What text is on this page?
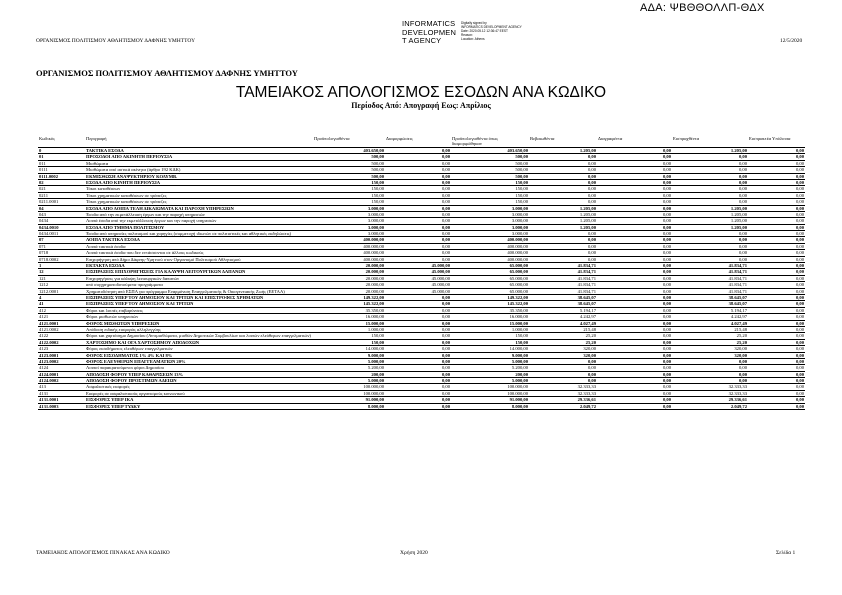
ΑΔΑ: ΨΒΘΘΟΛΛΠ-ΘΔΧ
ΟΡΓΑΝΙΣΜΟΣ ΠΟΛΙΤΙΣΜΟΥ ΑΘΛΗΤΙΣΜΟΥ ΔΑΦΝΗΣ ΥΜΗΤΤΟΥ	12/5/2020
INFORMATICS
DEVELOPMEN
T AGENCY
Digitally signed by
INFORMATICS DEVELOPMENT AGENCY
Date: 2020.05.12 12:36:47 EEST
Reason:
Location: Athens
ΟΡΓΑΝΙΣΜΟΣ ΠΟΛΙΤΙΣΜΟΥ ΑΘΛΗΤΙΣΜΟΥ ΔΑΦΝΗΣ ΥΜΗΤΤΟΥ
ΤΑΜΕΙΑΚΟΣ ΑΠΟΛΟΓΙΣΜΟΣ ΕΣΟΔΩΝ ΑΝΑ ΚΩΔΙΚΟ
Περίοδος Από: Απογραφή Εως: Απρίλιος
Κωδικός	Περιγραφή	Προϋπολογισθέντα	Διαμορφώσεις	Προϋπολογισθέντα όπως διαμορφώθηκαν	Βεβαιωθέντα	Διαγραφέντα	Εισπραχθέντα	Εισπρακτέα Υπόλοιπα
0	ΤΑΚΤΙΚΑ ΕΣΟΔΑ	403.650,00	0,00	403.650,00	1.205,00	0,00	1.205,00	0,00
01	ΠΡΟΣΟΔΟΙ ΑΠΟ ΑΚΙΝΗΤΗ ΠΕΡΙΟΥΣΙΑ	500,00	0,00	500,00	0,00	0,00	0,00	0,00
011	Μισθώματα	500,00	0,00	500,00	0,00	0,00	0,00	0,00
0111	Μισθώματα από αστικά ακίνητα (άρθρο 192 ΚΔΚ)	500,00	0,00	500,00	0,00	0,00	0,00	0,00
0111.0002	ΕΚΜΙΣΘΩΣΗ ΑΝΑΨΥΚΤΗΡΙΟΥ ΚΟΛΥΜΒ.	500,00	0,00	500,00	0,00	0,00	0,00	0,00
02	ΕΣΟΔΑ ΑΠΟ ΚΙΝΗΤΗ ΠΕΡΙΟΥΣΙΑ	150,00	0,00	150,00	0,00	0,00	0,00	0,00
021	Τόκοι καταθέσεων	150,00	0,00	150,00	0,00	0,00	0,00	0,00
0211	Τόκοι χρηματικών καταθέσεων σε τράπεζες	150,00	0,00	150,00	0,00	0,00	0,00	0,00
0211.0001	Τόκοι χρηματικών καταθέσεων σε τράπεζες	150,00	0,00	150,00	0,00	0,00	0,00	0,00
04	ΕΣΟΔΑ ΑΠΟ ΛΟΙΠΑ ΤΕΛΗ ΔΙΚΑΙΩΜΑΤΑ ΚΑΙ ΠΑΡΟΧΗ ΥΠΗΡΕΣΙΩΝ	3.000,00	0,00	3.000,00	1.205,00	0,00	1.205,00	0,00
043	Έσοδα από την εκμετάλλευση έργων και την παροχή υπηρεσιών	3.000,00	0,00	3.000,00	1.205,00	0,00	1.205,00	0,00
0434	Λοιπά έσοδα από την εκμετάλλευση έργων και την παροχή υπηρεσιών	3.000,00	0,00	3.000,00	1.205,00	0,00	1.205,00	0,00
0434.0010	ΕΣΟΔΑ ΑΠΟ ΤΜΗΜΑ ΠΟΛΙΤΙΣΜΟΥ	3.000,00	0,00	3.000,00	1.205,00	0,00	1.205,00	0,00
0434.0011	Έσοδα από υπηρεσίες πολιτισμού και χορηγίες (συμμετοχή ιδιωτών σε πολιτιστικές και αθλητικές εκδηλώσεις)	3.000,00	0,00	3.000,00	0,00	0,00	0,00	0,00
07	ΛΟΙΠΑ ΤΑΚΤΙΚΑ ΕΣΟΔΑ	400.000,00	0,00	400.000,00	0,00	0,00	0,00	0,00
071	Λοιπά τακτικά έσοδα	400.000,00	0,00	400.000,00	0,00	0,00	0,00	0,00
0718	Λοιπά τακτικά έσοδα που δεν εντάσσονται σε άλλους κωδικούς	400.000,00	0,00	400.000,00	0,00	0,00	0,00	0,00
0718.0002	Επιχορήγηση από Δήμο Δάφνης-Υμηττού στον Οργανισμό Πολιτισμού Αθλητισμού	400.000,00	0,00	400.000,00	0,00	0,00	0,00	0,00
1	ΕΚΤΑΚΤΑ ΕΣΟΔΑ	20.000,00	45.000,00	65.000,00	41.834,71	0,00	41.834,71	0,00
12	ΕΙΣΠΡΑΞΕΙΣ ΕΠΙΧΟΡΗΓΗΣΕΙΣ ΓΙΑ ΚΑΛΥΨΗ ΛΕΙΤΟΥΡΓΙΚΩΝ ΔΑΠΑΝΩΝ	20.000,00	45.000,00	65.000,00	41.834,71	0,00	41.834,71	0,00
121	Επιχορηγήσεις για κάλυψη λειτουργικών δαπανών	20.000,00	45.000,00	65.000,00	41.834,71	0,00	41.834,71	0,00
1212	από συγχρηματοδοτούμενα προγράμματα	20.000,00	45.000,00	65.000,00	41.834,71	0,00	41.834,71	0,00
1212.0001	Χρηματοδότηση από ΕΣΠΑ για πρόγραμμα Εναρμόνιση Επαγγελματικής & Οικογενειακής Ζωής (ΕΕΤΑΑ)	20.000,00	45.000,00	65.000,00	41.834,71	0,00	41.834,71	0,00
4	ΕΙΣΠΡΑΞΕΙΣ ΥΠΕΡ ΤΟΥ ΔΗΜΟΣΙΟΥ ΚΑΙ ΤΡΙΤΩΝ ΚΑΙ ΕΠΙΣΤΡΟΦΕΣ ΧΡΗΜΑΤΩΝ	149.322,00	0,00	149.322,00	38.645,07	0,00	38.645,07	0,00
41	ΕΙΣΠΡΑΞΕΙΣ ΥΠΕΡ ΤΟΥ ΔΗΜΟΣΙΟΥ ΚΑΙ ΤΡΙΤΩΝ	145.322,00	0,00	145.322,00	38.645,07	0,00	38.645,07	0,00
412	Φόροι και λοιπές επιβαρύνσεις	35.350,00	0,00	35.350,00	5.194,17	0,00	5.194,17	0,00
4121	Φόροι μισθωτών υπηρεσιών	16.000,00	0,00	16.000,00	4.242,97	0,00	4.242,97	0,00
4121.0001	ΦΟΡΟΣ ΜΙΣΘΩΤΩΝ ΥΠΗΡΕΣΙΩΝ	15.000,00	0,00	15.000,00	4.027,49	0,00	4.027,49	0,00
4121.0002	Απόδοση ειδικής εισφοράς αλληλεγγύης	1.000,00	0,00	1.000,00	215,48	0,00	215,48	0,00
4122	Φόροι και χαρτόσημο Δημοσίου (Αντιμισθώματα, μισθών Δημοτικών Συμβουλίων και λοιπών ελεύθερων επαγγελματιών)	150,00	0,00	150,00	25,20	0,00	25,20	0,00
4122.0002	ΧΑΡΤΟΣΗΜΟ ΚΑΙ ΟΓΑ ΧΑΡΤΟΣΗΜΟΥ ΑΠΟΔΟΧΩΝ	150,00	0,00	150,00	25,20	0,00	25,20	0,00
4123	Φόρος εισοδήματος ελευθέρων επαγγελματιών	14.000,00	0,00	14.000,00	320,00	0,00	320,00	0,00
4123.0001	ΦΟΡΟΣ ΕΙΣΟΔΗΜΑΤΟΣ 1% 4% ΚΑΙ 8%	9.000,00	0,00	9.000,00	320,00	0,00	320,00	0,00
4123.0002	ΦΟΡΟΣ ΕΛΕΥΘΕΡΩΝ ΕΠΑΓΓΕΛΜΑΤΙΩΝ 20%	5.000,00	0,00	5.000,00	0,00	0,00	0,00	0,00
4124	Λοιποί παρακρατούμενοι φόροι Δημοσίου	5.200,00	0,00	5.200,00	0,00	0,00	0,00	0,00
4124.0001	ΑΠΟΔΟΣΗ ΦΟΡΟΥ ΥΠΕΡ ΚΑΘΑΡΙΣΕΩΝ 13%	200,00	0,00	200,00	0,00	0,00	0,00	0,00
4124.0002	ΑΠΟΔΟΣΗ ΦΟΡΟΥ ΠΡΟΣΤΙΜΩΝ ΑΔΕΙΩΝ	5.000,00	0,00	5.000,00	0,00	0,00	0,00	0,00
413	Ασφαλιστικές εισφορές	100.000,00	0,00	100.000,00	32.333,33	0,00	32.333,33	0,00
4131	Εισφορές σε ασφαλιστικούς οργανισμούς κοινωνικού	100.000,00	0,00	100.000,00	32.333,33	0,00	32.333,33	0,00
4131.0001	ΕΙΣΦΟΡΕΣ ΥΠΕΡ ΙΚΑ	91.000,00	0,00	91.000,00	29.336,61	0,00	29.336,61	0,00
4131.0003	ΕΙΣΦΟΡΕΣ ΥΠΕΡ ΤΥΔΚΥ	8.000,00	0,00	8.000,00	2.049,72	0,00	2.049,72	0,00
ΤΑΜΕΙΑΚΟΣ ΑΠΟΛΟΓΙΣΜΟΣ ΠΙΝΑΚΑΣ ΑΝΑ ΚΩΔΙΚΟ	Χρήση 2020	Σελίδα 1
